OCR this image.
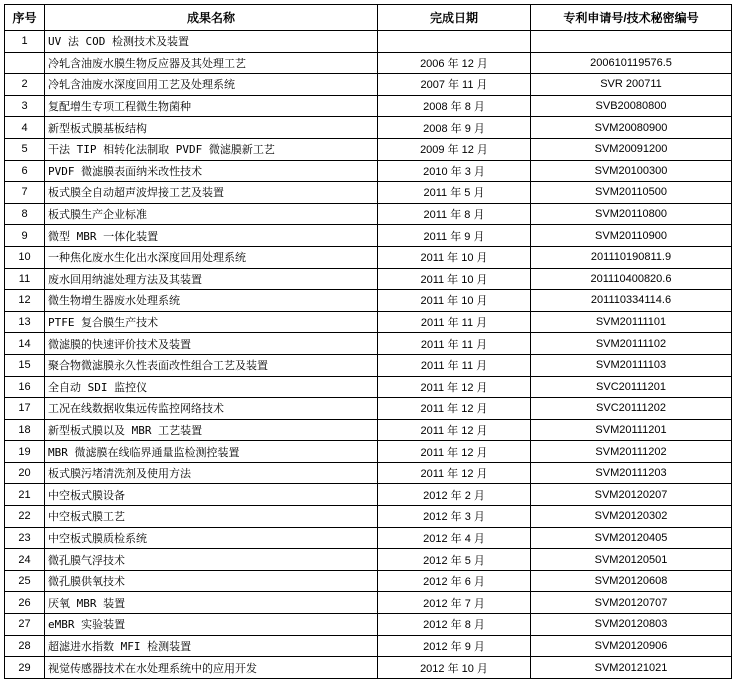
序号	成果名称	完成日期	专利申请号/技术秘密编号
1	UV 法 COD 检测技术及装置		
	冷轧含油废水膜生物反应器及其处理工艺	2006 年 12 月	200610119576.5
2	冷轧含油废水深度回用工艺及处理系统	2007 年 11 月	SVR 200711
3	复配增生专项工程微生物菌种	2008 年 8 月	SVB20080800
4	新型板式膜基板结构	2008 年 9 月	SVM20080900
5	干法 TIP 相转化法制取 PVDF 微滤膜新工艺	2009 年 12 月	SVM20091200
6	PVDF 微滤膜表面纳米改性技术	2010 年 3 月	SVM20100300
7	板式膜全自动超声波焊接工艺及装置	2011 年 5 月	SVM20110500
8	板式膜生产企业标准	2011 年 8 月	SVM20110800
9	微型 MBR 一体化装置	2011 年 9 月	SVM20110900
10	一种焦化废水生化出水深度回用处理系统	2011 年 10 月	201110190811.9
11	废水回用纳滤处理方法及其装置	2011 年 10 月	201110400820.6
12	微生物增生器废水处理系统	2011 年 10 月	201110334114.6
13	PTFE 复合膜生产技术	2011 年 11 月	SVM20111101
14	微滤膜的快速评价技术及装置	2011 年 11 月	SVM20111102
15	聚合物微滤膜永久性表面改性组合工艺及装置	2011 年 11 月	SVM20111103
16	全自动 SDI 监控仪	2011 年 12 月	SVC20111201
17	工况在线数据收集远传监控网络技术	2011 年 12 月	SVC20111202
18	新型板式膜以及 MBR 工艺装置	2011 年 12 月	SVM20111201
19	MBR 微滤膜在线临界通量监检测控装置	2011 年 12 月	SVM20111202
20	板式膜污堵清洗剂及使用方法	2011 年 12 月	SVM20111203
21	中空板式膜设备	2012 年 2 月	SVM20120207
22	中空板式膜工艺	2012 年 3 月	SVM20120302
23	中空板式膜质检系统	2012 年 4 月	SVM20120405
24	微孔膜气浮技术	2012 年 5 月	SVM20120501
25	微孔膜供氧技术	2012 年 6 月	SVM20120608
26	厌氧 MBR 装置	2012 年 7 月	SVM20120707
27	eMBR 实验装置	2012 年 8 月	SVM20120803
28	超滤进水指数 MFI 检测装置	2012 年 9 月	SVM20120906
29	视觉传感器技术在水处理系统中的应用开发	2012 年 10 月	SVM20121021
